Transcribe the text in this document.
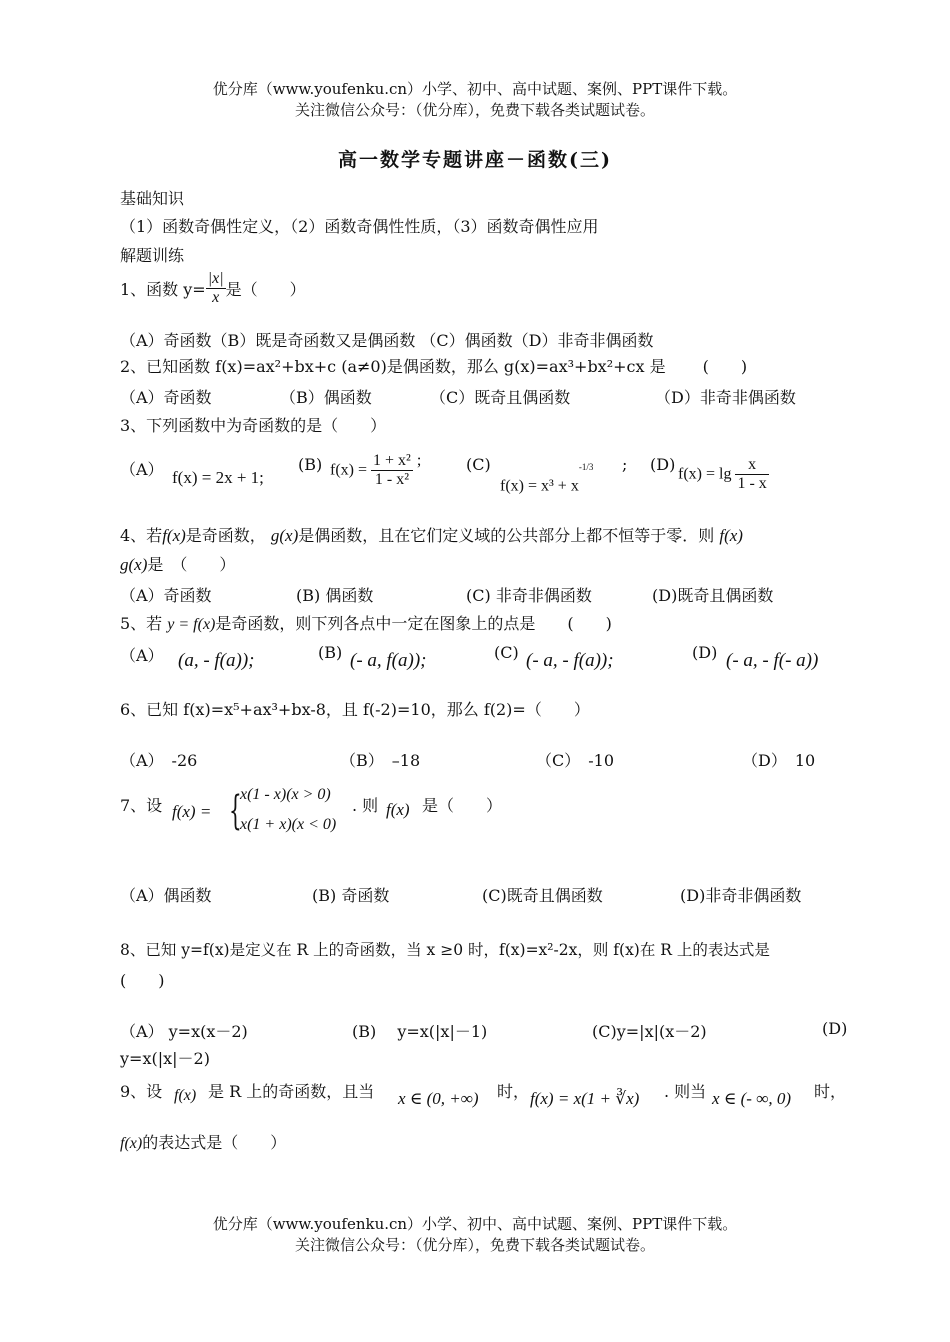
优分库（www.youfenku.cn）小学、初中、高中试题、案例、PPT课件下载。
关注微信公众号：（优分库），免费下载各类试题试卷。
高一数学专题讲座－函数(三)
基础知识
（1）函数奇偶性定义，（2）函数奇偶性性质，（3）函数奇偶性应用
解题训练
1、函数 $y= \frac{|x|}{x}$ 是（　　）
（A）奇函数（B）既是奇函数又是偶函数 （C）偶函数（D）非奇非偶函数
2、已知函数 f(x)=ax²+bx+c (a≠0)是偶函数，那么 g(x)=ax³+bx²+cx 是 　　(　　)
（A）奇函数	（B）偶函数	（C）既奇且偶函数	（D）非奇非偶函数
3、下列函数中为奇函数的是（　　）
（A） f(x) = 2x + 1;
(B) $f(x) = \frac{\text{1 + x²}}{\text{1 - x²}}$ ;	(C)
$f(x) = x^3 + x^{-1/3}$ ; (D) $f(x) = \lg \frac{x}{1 - x}$
4、若f(x)是奇函数， g(x)是偶函数，且在它们定义域的公共部分上都不恒等于零．则 f(x)
g(x)是　（　　）
（A）奇函数	(B) 偶函数	(C) 非奇非偶函数	(D)既奇且偶函数
5、若 y = f(x)是奇函数，则下列各点中一定在图象上的点是　　(　　)
（A） (a, - f(a));	(B) (- a, f(a));	(C) (- a, - f(a));	(D) (- a, - f(- a))
6、已知 f(x)=x⁵+ax³+bx-8，且 f(-2)=10，那么 f(2)=（　　）
（A）　-26	（B）　–18	（C）　-10	（D）　10
7、设 f(x) = {
x(1 - x)(x > 0)
x(1 + x)(x < 0)
. 则 f(x) 是（　　）
（A）偶函数	(B) 奇函数	(C)既奇且偶函数	(D)非奇非偶函数
8、已知 y=f(x)是定义在 R 上的奇函数，当 x ≥0 时，f(x)=x²-2x，则 f(x)在 R 上的表达式是
(　　)
（A） y=x(x－2)	(B)　 y=x(|x|－1)	(C)y=|x|(x－2)	(D)
y=x(|x|－2)
9、设 f(x) 是 R 上的奇函数，且当 x ∈ (0, +∞) 时， f(x) = x(1 + ∛x) . 则当 x ∈ (- ∞, 0) 时，
f(x)的表达式是（　　）
优分库（www.youfenku.cn）小学、初中、高中试题、案例、PPT课件下载。
关注微信公众号：（优分库），免费下载各类试题试卷。
